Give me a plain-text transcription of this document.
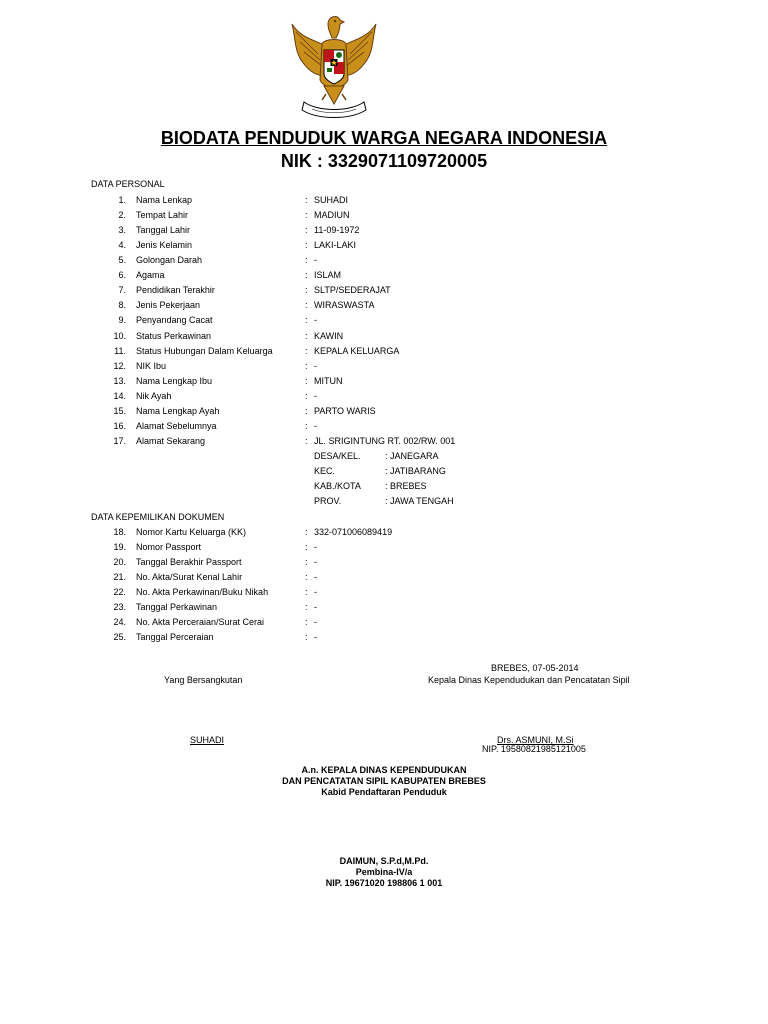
BIODATA PENDUDUK WARGA NEGARA INDONESIA
NIK : 3329071109720005
DATA PERSONAL
1. Nama Lenkap	: SUHADI
2. Tempat Lahir	: MADIUN
3. Tanggal Lahir	: 11-09-1972
4. Jenis Kelamin	: LAKI-LAKI
5. Golongan Darah	: -
6. Agama	: ISLAM
7. Pendidikan Terakhir	: SLTP/SEDERAJAT
8. Jenis Pekerjaan	: WIRASWASTA
9. Penyandang Cacat	: -
10. Status Perkawinan	: KAWIN
11. Status Hubungan Dalam Keluarga	: KEPALA KELUARGA
12. NIK Ibu	: -
13. Nama Lengkap Ibu	: MITUN
14. Nik Ayah	: -
15. Nama Lengkap Ayah	: PARTO WARIS
16. Alamat Sebelumnya	: -
17. Alamat Sekarang	: JL. SRIGINTUNG RT. 002/RW. 001
DESA/KEL.	: JANEGARA
KEC.	: JATIBARANG
KAB./KOTA	: BREBES
PROV.	: JAWA TENGAH
DATA KEPEMILIKAN DOKUMEN
18. Nomor Kartu Keluarga (KK)	: 332-071006089419
19. Nomor Passport	: -
20. Tanggal Berakhir Passport	: -
21. No. Akta/Surat Kenal Lahir	: -
22. No. Akta Perkawinan/Buku Nikah	: -
23. Tanggal Perkawinan	: -
24. No. Akta Perceraian/Surat Cerai	: -
25. Tanggal Perceraian	: -
BREBES, 07-05-2014
Yang Bersangkutan	Kepala Dinas Kependudukan dan Pencatatan Sipil
SUHADI	Drs. ASMUNI, M.Si
NIP. 19580821985121005
A.n. KEPALA DINAS KEPENDUDUKAN
DAN PENCATATAN SIPIL KABUPATEN BREBES
Kabid Pendaftaran Penduduk
DAIMUN, S.P.d,M.Pd.
Pembina-IV/a
NIP. 19671020 198806 1 001
